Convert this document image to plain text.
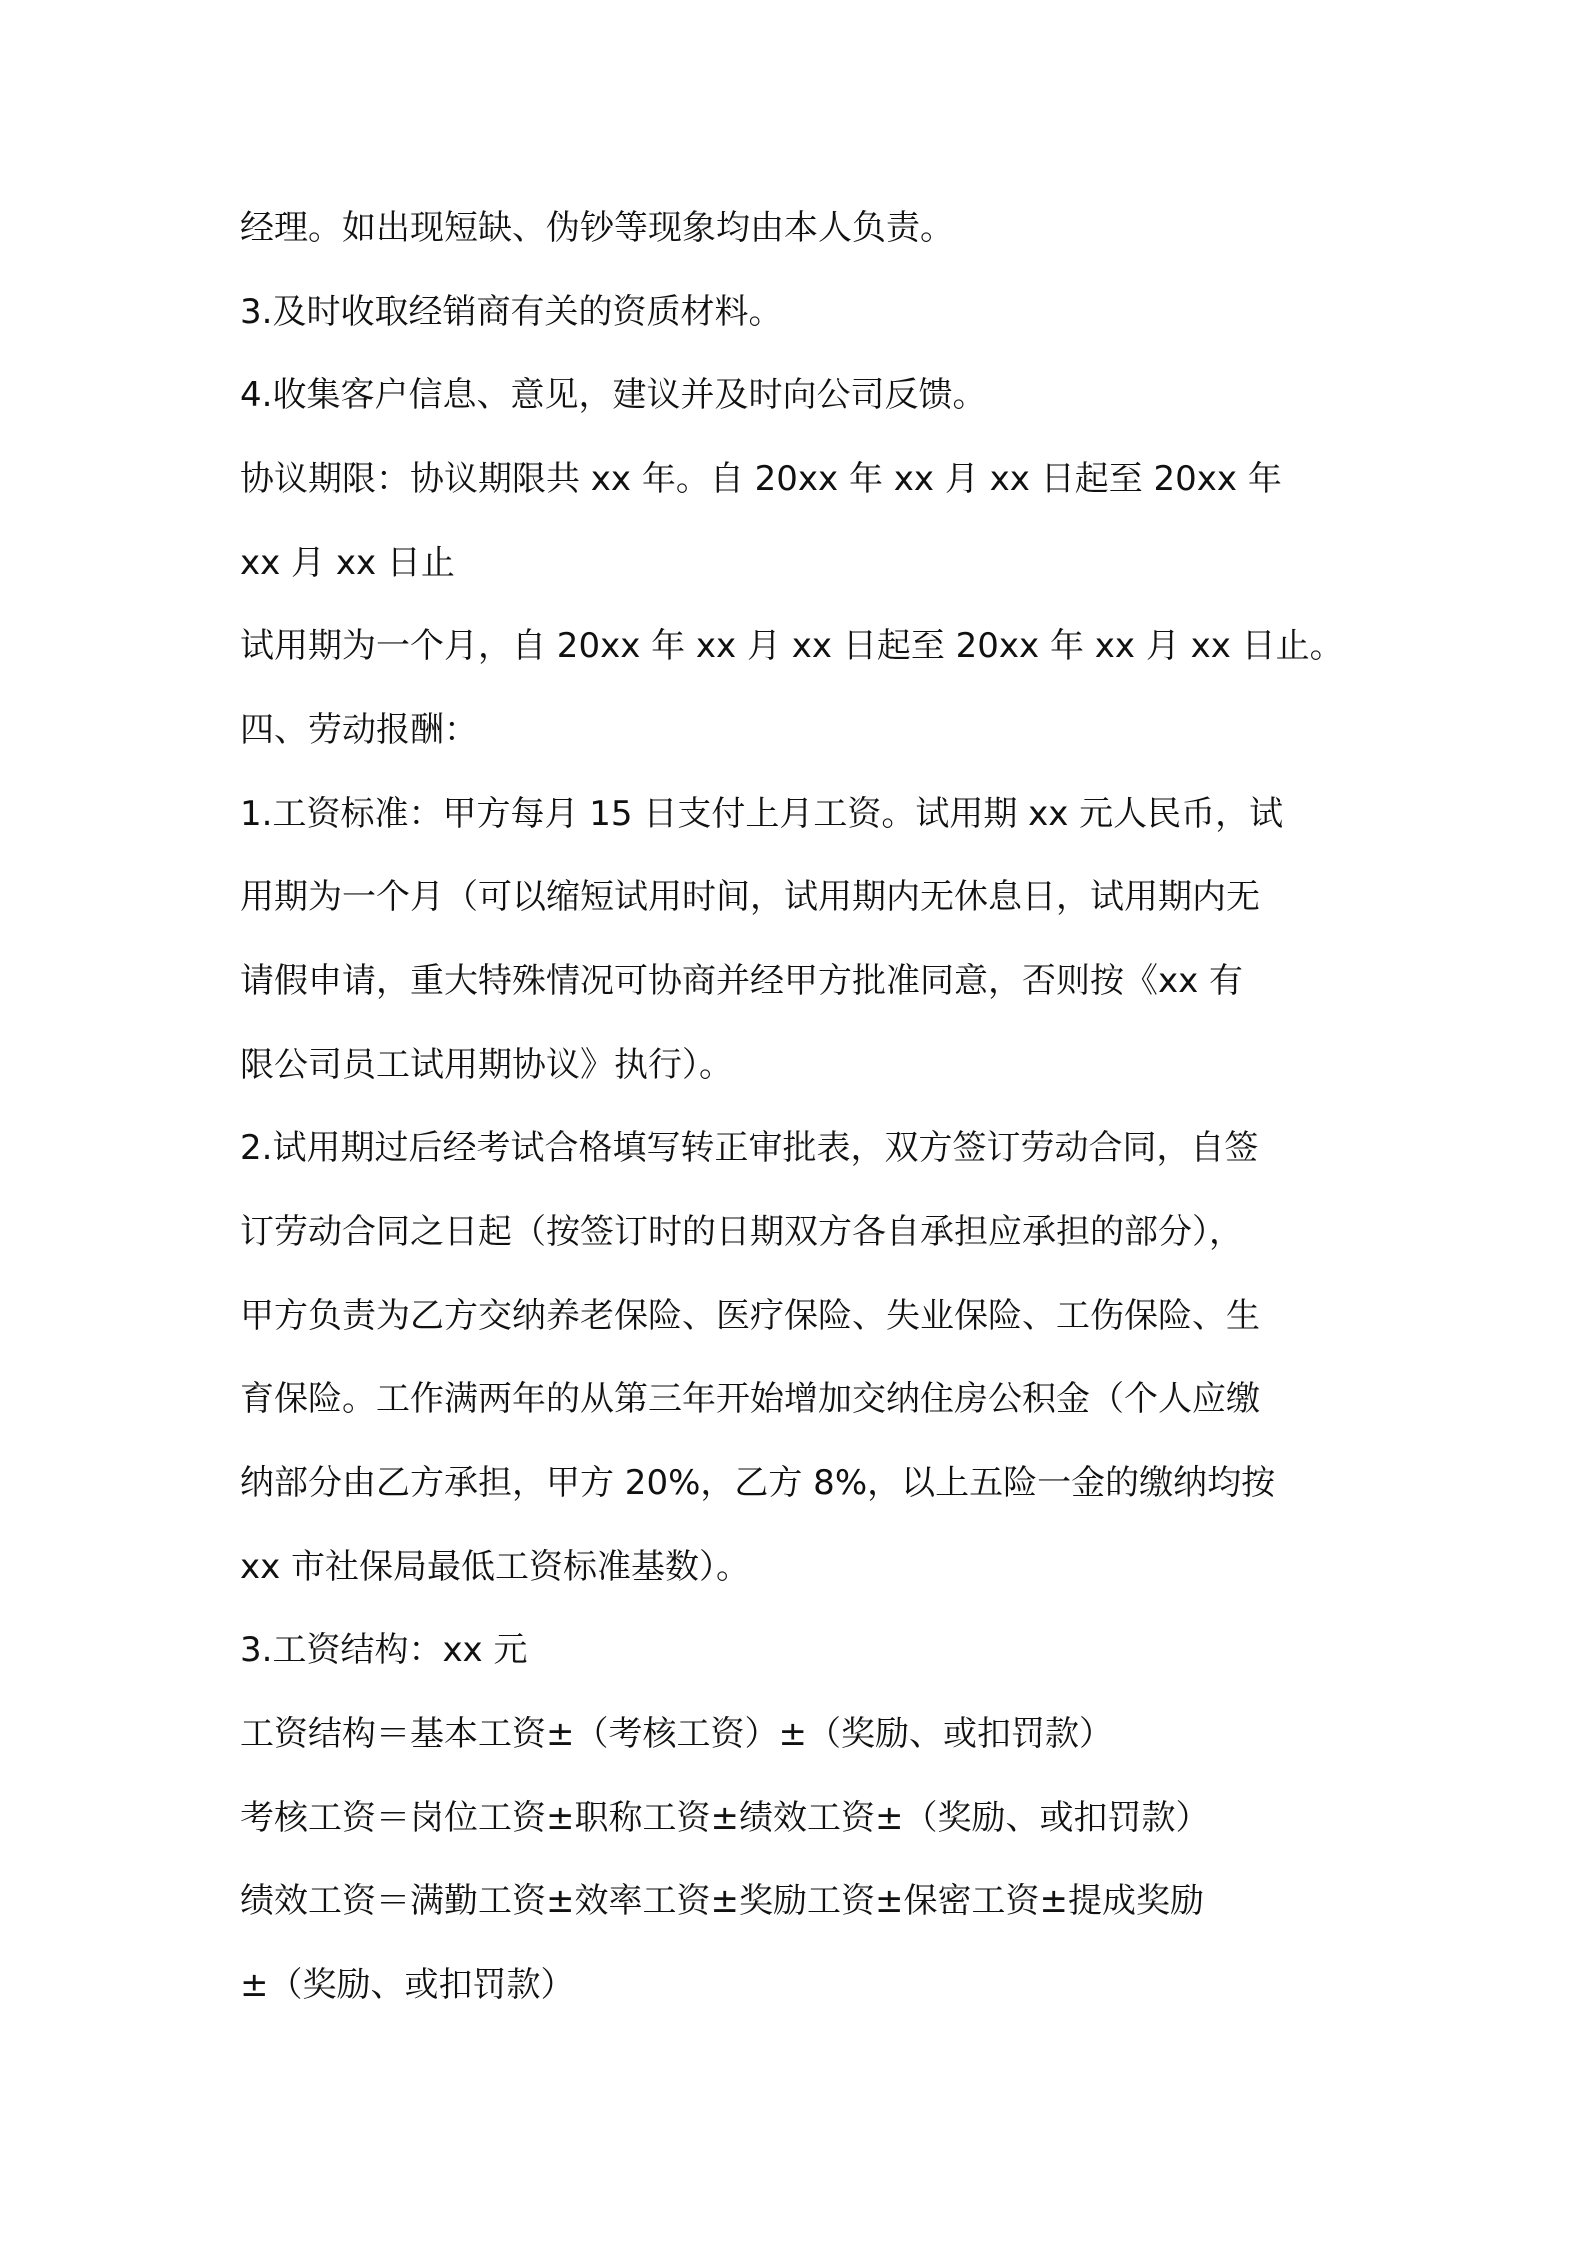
经理。如出现短缺、伪钞等现象均由本人负责。
3.及时收取经销商有关的资质材料。
4.收集客户信息、意见，建议并及时向公司反馈。
协议期限：协议期限共 xx 年。自 20xx 年 xx 月 xx 日起至 20xx 年
xx 月 xx 日止
试用期为一个月，自 20xx 年 xx 月 xx 日起至 20xx 年 xx 月 xx 日止。
四、劳动报酬：
1.工资标准：甲方每月 15 日支付上月工资。试用期 xx 元人民币，试
用期为一个月（可以缩短试用时间，试用期内无休息日，试用期内无
请假申请，重大特殊情况可协商并经甲方批准同意，否则按《xx 有
限公司员工试用期协议》执行）。
2.试用期过后经考试合格填写转正审批表，双方签订劳动合同，自签
订劳动合同之日起（按签订时的日期双方各自承担应承担的部分），
甲方负责为乙方交纳养老保险、医疗保险、失业保险、工伤保险、生
育保险。工作满两年的从第三年开始增加交纳住房公积金（个人应缴
纳部分由乙方承担，甲方 20%，乙方 8%，以上五险一金的缴纳均按
xx 市社保局最低工资标准基数）。
3.工资结构：xx 元
工资结构＝基本工资±（考核工资）±（奖励、或扣罚款）
考核工资＝岗位工资±职称工资±绩效工资±（奖励、或扣罚款）
绩效工资＝满勤工资±效率工资±奖励工资±保密工资±提成奖励
±（奖励、或扣罚款）
